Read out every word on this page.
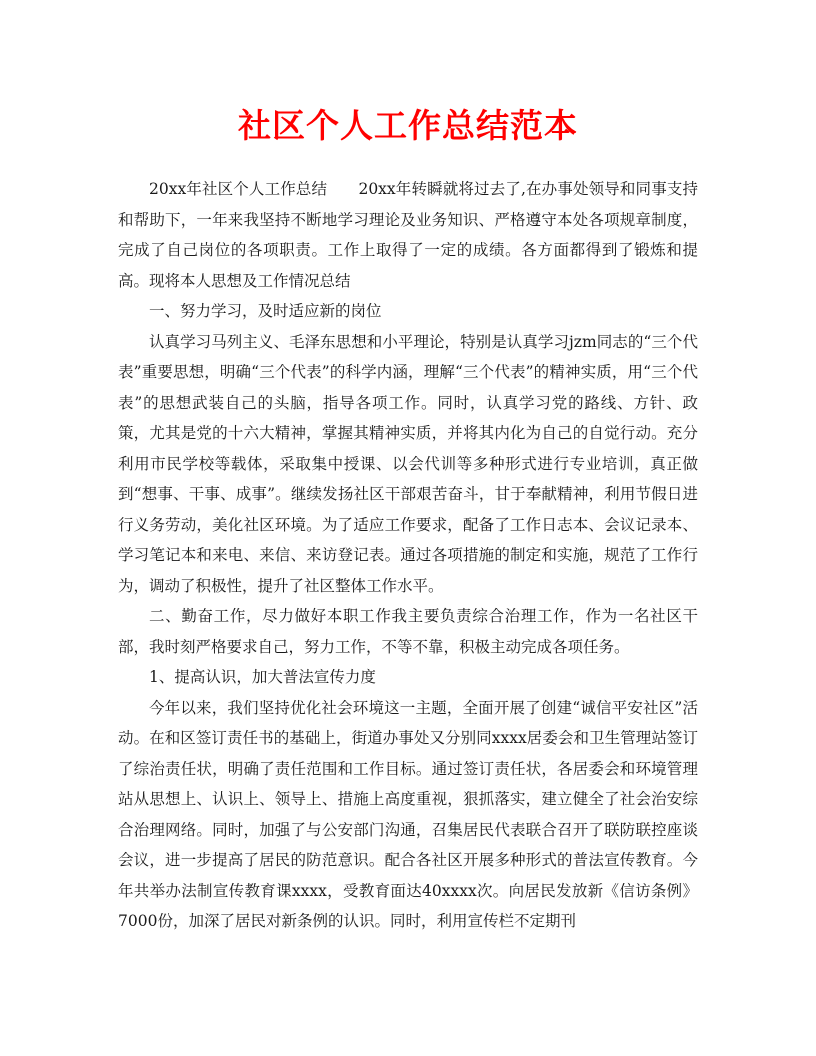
社区个人工作总结范本

20xx年社区个人工作总结　　20xx年转瞬就将过去了,在办事处领导和同事支持和帮助下，一年来我坚持不断地学习理论及业务知识、严格遵守本处各项规章制度，完成了自己岗位的各项职责。工作上取得了一定的成绩。各方面都得到了锻炼和提高。现将本人思想及工作情况总结

一、努力学习，及时适应新的岗位

认真学习马列主义、毛泽东思想和小平理论，特别是认真学习jzm同志的“三个代表”重要思想，明确“三个代表”的科学内涵，理解“三个代表”的精神实质，用“三个代表”的思想武装自己的头脑，指导各项工作。同时，认真学习党的路线、方针、政策，尤其是党的十六大精神，掌握其精神实质，并将其内化为自己的自觉行动。充分利用市民学校等载体，采取集中授课、以会代训等多种形式进行专业培训，真正做到“想事、干事、成事”。继续发扬社区干部艰苦奋斗，甘于奉献精神，利用节假日进行义务劳动，美化社区环境。为了适应工作要求，配备了工作日志本、会议记录本、学习笔记本和来电、来信、来访登记表。通过各项措施的制定和实施，规范了工作行为，调动了积极性，提升了社区整体工作水平。

二、勤奋工作，尽力做好本职工作我主要负责综合治理工作，作为一名社区干部，我时刻严格要求自己，努力工作，不等不靠，积极主动完成各项任务。

1、提高认识，加大普法宣传力度

今年以来，我们坚持优化社会环境这一主题，全面开展了创建“诚信平安社区”活动。在和区签订责任书的基础上，街道办事处又分别同xxxx居委会和卫生管理站签订了综治责任状，明确了责任范围和工作目标。通过签订责任状，各居委会和环境管理站从思想上、认识上、领导上、措施上高度重视，狠抓落实，建立健全了社会治安综合治理网络。同时，加强了与公安部门沟通，召集居民代表联合召开了联防联控座谈会议，进一步提高了居民的防范意识。配合各社区开展多种形式的普法宣传教育。今年共举办法制宣传教育课xxxx，受教育面达40xxxx次。向居民发放新《信访条例》7000份，加深了居民对新条例的认识。同时，利用宣传栏不定期刊
